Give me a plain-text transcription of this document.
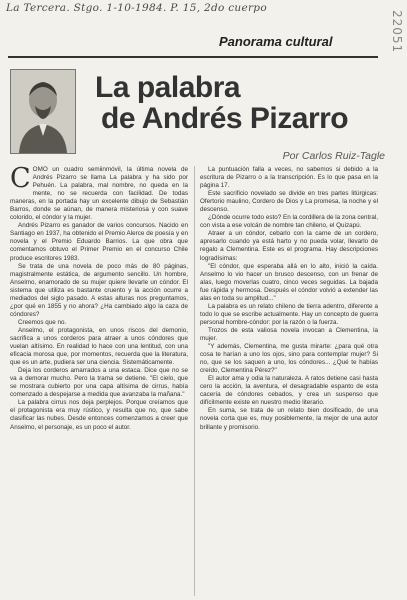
La Tercera. Stgo. 1-10-1984. P. 15, 2do cuerpo
22051
Panorama cultural
La palabra
de Andrés Pizarro
Por Carlos Ruiz-Tagle

COMO un cuadro semiinmóvil, la última novela de Andrés Pizarro se llama La palabra y ha sido por Pehuén. La palabra, mal nombre, no queda en la mente, no se recuerda con facilidad. De todas maneras, en la portada hay un excelente dibujo de Sebastián Barros, donde se aúnan, de manera misteriosa y con suave colorido, el cóndor y la mujer.

Andrés Pizarro es ganador de varios concursos. Nacido en Santiago en 1937, ha obtenido el Premio Alerce de poesía y en novela y el Premio Eduardo Barrios. La que obra que comentamos obtuvo el Primer Premio en el concurso Chile produce escritores 1983.

Se trata de una novela de poco más de 80 páginas, magistralmente estática, de argumento sencillo. Un hombre, Anselmo, enamorado de su mujer quiere llevarle un cóndor. El sistema que utiliza es bastante cruento y la acción ocurre a mediados del siglo pasado. A estas alturas nos preguntamos, ¿por qué en 1855 y no ahora? ¿Ha cambiado algo la caza de cóndores?

Creemos que no.

Anselmo, el protagonista, en unos riscos del demonio, sacrifica a unos corderos para atraer a unos cóndores que vuelan altísimo. En realidad lo hace con una lentitud, con una eficacia morosa que, por momentos, recuerda que la literatura, que es un arte, pudiera ser una ciencia. Sistemáticamente.

Deja los corderos amarrados a una estaca. Dice que no se va a demorar mucho. Pero la trama se detiene. "El cielo, que se mostrara cubierto por una capa altísima de cirrus, había comenzado a despejarse a medida que avanzaba la mañana."

La palabra cirrus nos deja perplejos. Porque creíamos que el protagonista era muy rústico, y resulta que no, que sabe clasificar las nubes. Desde entonces comenzamos a creer que Anselmo, el personaje, es un poco el autor.

La puntuación falla a veces, no sabemos si debido a la escritura de Pizarro o a la transcripción. Es lo que pasa en la página 17.

Este sacrificio novelado se divide en tres partes litúrgicas: Ofertorio maulino, Cordero de Dios y La promesa, la noche y el descenso.

¿Dónde ocurre todo esto? En la cordillera de la zona central, con vista a ese volcán de nombre tan chileno, el Quizapú.

Atraer a un cóndor, cebarlo con la carne de un cordero, apresarlo cuando ya está harto y no pueda volar, llevarlo de regalo a Clementina. Este es el programa. Hay descripciones logradísimas:

"El cóndor, que esperaba allá en lo alto, inició la caída. Anselmo lo vio hacer un brusco descenso, con un frenar de alas, luego moverlas cuatro, cinco veces seguidas. La bajada fue rápida y hermosa. Después el cóndor volvió a extender las alas en toda su amplitud..."

La palabra es un relato chileno de tierra adentro, diferente a todo lo que se escribe actualmente. Hay un concepto de guerra personal hombre-cóndor: por la razón o la fuerza.

Trozos de esta valiosa novela invocan a Clementina, la mujer.

"Y además, Clementina, me gusta mirarte: ¿para qué otra cosa te harían a uno los ojos, sino para contemplar mujer? Si no, que se los saquen a uno, los cóndores... ¿Qué te habías creído, Clementina Pérez?"

El autor ama y odia la naturaleza. A ratos detiene casi hasta cero la acción, la aventura, el desagradable espanto de esta cacería de cóndores cebados, y crea un suspenso que difícilmente existe en nuestro medio literario.

En suma, se trata de un relato bien dosificado, de una novela corta que es, muy posiblemente, la mejor de una autor brillante y promisorio.
